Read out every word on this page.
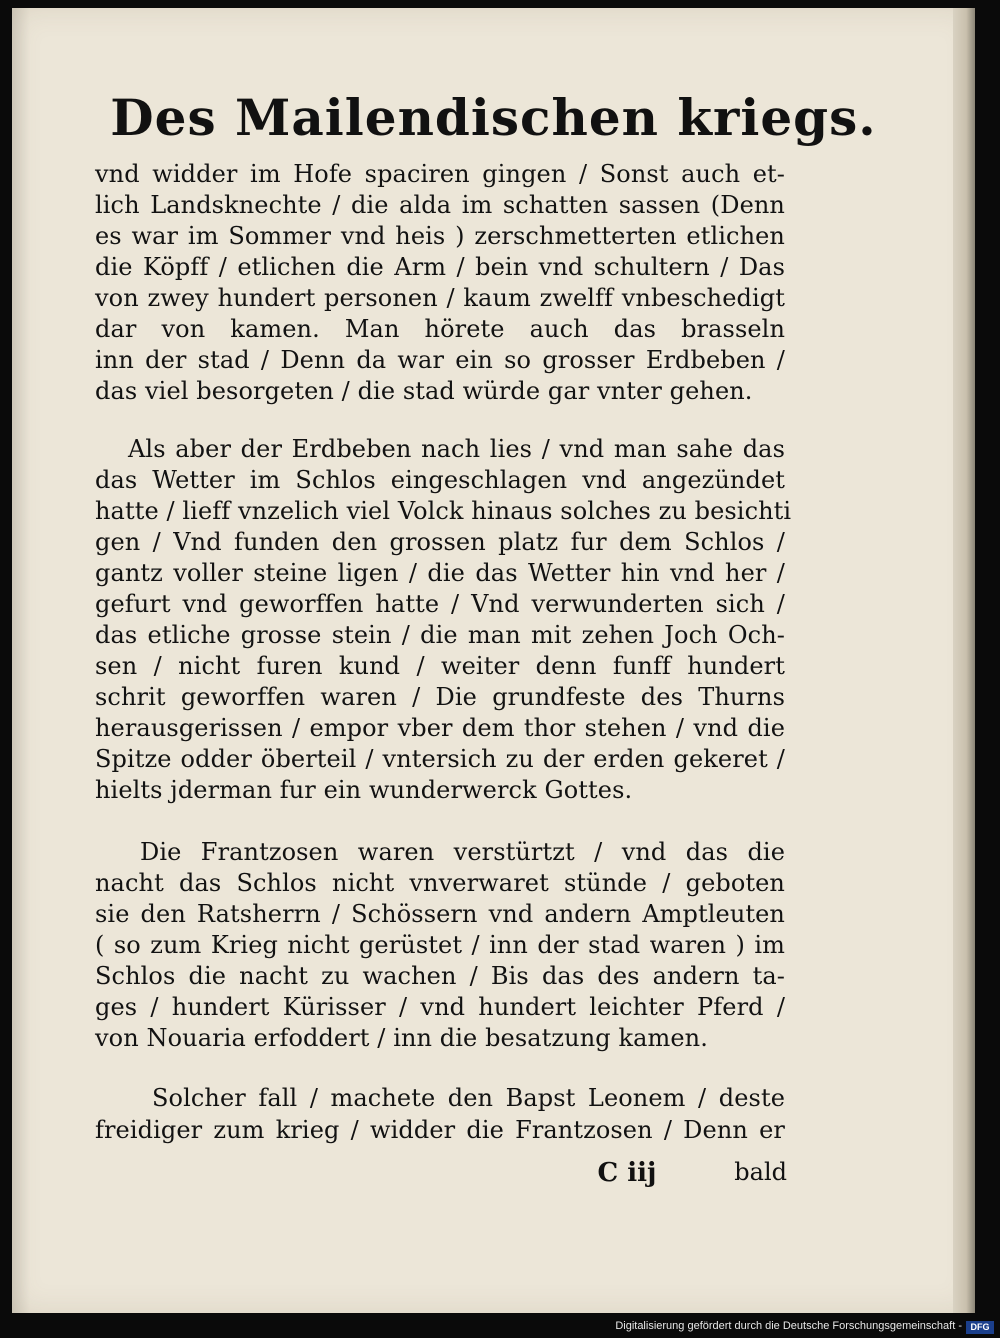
Des Mailendischen kriegs.
vnd widder im Hofe spaciren gingen / Sonst auch et-
lich Landsknechte / die alda im schatten sassen (Denn
es war im Sommer vnd heis ) zerschmetterten etlichen
die Köpff / etlichen die Arm / bein vnd schultern / Das
von zwey hundert personen / kaum zwelff vnbeschedigt
dar von kamen. Man hörete auch das brasseln
inn der stad / Denn da war ein so grosser Erdbeben /
das viel besorgeten / die stad würde gar vnter gehen.
Als aber der Erdbeben nach lies / vnd man sahe das
das Wetter im Schlos eingeschlagen vnd angezündet
hatte / lieff vnzelich viel Volck hinaus solches zu besichti
gen / Vnd funden den grossen platz fur dem Schlos /
gantz voller steine ligen / die das Wetter hin vnd her /
gefurt vnd geworffen hatte / Vnd verwunderten sich /
das etliche grosse stein / die man mit zehen Joch Och-
sen / nicht furen kund / weiter denn funff hundert
schrit geworffen waren / Die grundfeste des Thurns
herausgerissen / empor vber dem thor stehen / vnd die
Spitze odder öberteil / vntersich zu der erden gekeret /
hielts jderman fur ein wunderwerck Gottes.
Die Frantzosen waren verstürtzt / vnd das die
nacht das Schlos nicht vnverwaret stünde / geboten
sie den Ratsherrn / Schössern vnd andern Amptleuten
( so zum Krieg nicht gerüstet / inn der stad waren ) im
Schlos die nacht zu wachen / Bis das des andern ta-
ges / hundert Kürisser / vnd hundert leichter Pferd /
von Nouaria erfoddert / inn die besatzung kamen.
Solcher fall / machete den Bapst Leonem / deste
freidiger zum krieg / widder die Frantzosen / Denn er
C iij	bald
Digitalisierung gefördert durch die Deutsche Forschungsgemeinschaft - DFG
